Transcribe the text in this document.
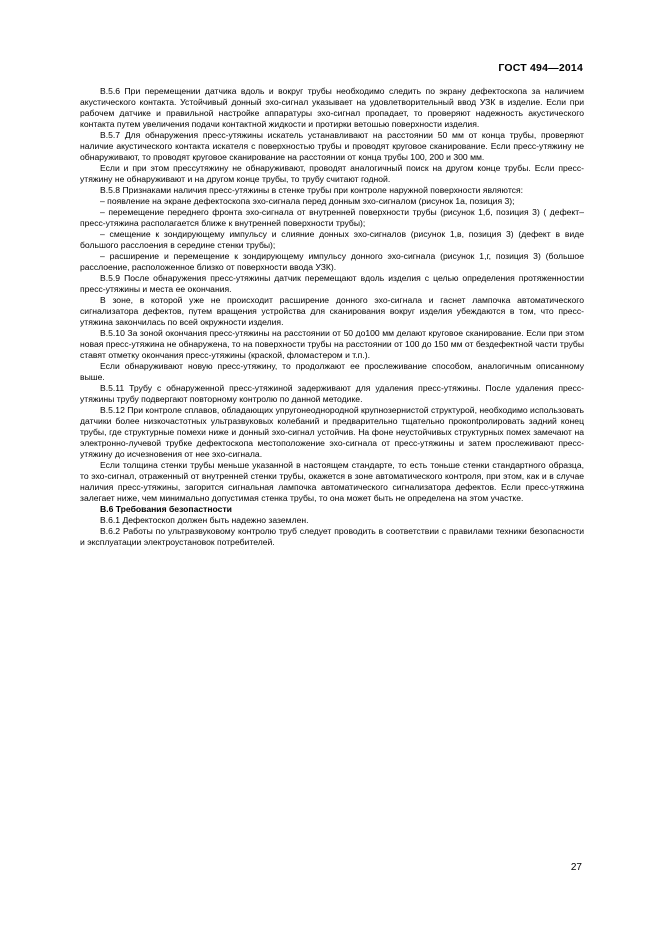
ГОСТ 494—2014

В.5.6 При перемещении датчика вдоль и вокруг трубы необходимо следить по экрану дефектоскопа за наличием акустического контакта. Устойчивый донный эхо-сигнал указывает на удовлетворительный ввод УЗК в изделие. Если при рабочем датчике и правильной настройке аппаратуры эхо-сигнал пропадает, то проверяют надежность акустического контакта путем увеличения подачи контактной жидкости и протирки ветошью поверхности изделия.

В.5.7 Для обнаружения пресс-утяжины искатель устанавливают на расстоянии 50 мм от конца трубы, проверяют наличие акустического контакта искателя с поверхностью трубы и проводят круговое сканирование. Если пресс-утяжину не обнаруживают, то проводят круговое сканирование на расстоянии от конца трубы 100, 200 и 300 мм.

Если и при этом прессутяжину не обнаруживают, проводят аналогичный поиск на другом конце трубы. Если пресс-утяжину не обнаруживают и на другом конце трубы, то трубу считают годной.

В.5.8 Признаками наличия пресс-утяжины в стенке трубы при контроле наружной поверхности являются:

– появление на экране дефектоскопа эхо-сигнала перед донным эхо-сигналом (рисунок 1а, позиция 3);

– перемещение переднего фронта эхо-сигнала от внутренней поверхности трубы (рисунок 1,б, позиция 3) ( дефект–пресс-утяжина располагается ближе к внутренней поверхности трубы);

– смещение к зондирующему импульсу и слияние донных эхо-сигналов (рисунок 1,в, позиция 3) (дефект в виде большого расслоения в середине стенки трубы);

– расширение и перемещение к зондирующему импульсу донного эхо-сигнала (рисунок 1,г, позиция 3) (большое расслоение, расположенное близко от поверхности ввода УЗК).

В.5.9 После обнаружения пресс-утяжины датчик перемещают вдоль изделия с целью определения протяженностии пресс-утяжины и места ее окончания.

В зоне, в которой уже не происходит расширение донного эхо-сигнала и гаснет лампочка автоматического сигнализатора дефектов, путем вращения устройства для сканирования вокруг изделия убеждаются в том, что пресс-утяжина закончилась по всей окружности изделия.

В.5.10 За зоной окончания пресс-утяжины на расстоянии от 50 до100 мм делают круговое сканирование. Если при этом новая пресс-утяжина не обнаружена, то на поверхности трубы на расстоянии от 100 до 150 мм от бездефектной части трубы ставят отметку окончания пресс-утяжины (краской, фломастером и т.п.).

Если обнаруживают новую пресс-утяжину, то продолжают ее прослеживание способом, аналогичным описанному выше.

В.5.11 Трубу с обнаруженной пресс-утяжиной задерживают для удаления пресс-утяжины. После удаления пресс-утяжины трубу подвергают повторному контролю по данной методике.

В.5.12 При контроле сплавов, обладающих упругонеоднородной крупнозернистой структурой, необходимо использовать датчики более низкочастотных ультразвуковых колебаний и предварительно тщательно прокontролировать задний конец трубы, где структурные помехи ниже и донный эхо-сигнал устойчив. На фоне неустойчивых структурных помех замечают на электронно-лучевой трубке дефектоскопа местоположение эхо-сигнала от пресс-утяжины и затем прослеживают пресс-утяжину до исчезновения от нее эхо-сигнала.

Если толщина стенки трубы меньше указанной в настоящем стандарте, то есть тоньше стенки стандартного образца, то эхо-сигнал, отраженный от внутренней стенки трубы, окажется в зоне автоматического контроля, при этом, как и в случае наличия пресс-утяжины, загорится сигнальная лампочка автоматического сигнализатора дефектов. Если пресс-утяжина залегает ниже, чем минимально допустимая стенка трубы, то она может быть не определена на этом участке.

В.6 Требования безопастности

В.6.1 Дефектоскоп должен быть надежно заземлен.

В.6.2 Работы по ультразвуковому контролю труб следует проводить в соответствии с правилами техники безопасности и эксплуатации электроустановок потребителей.

27
